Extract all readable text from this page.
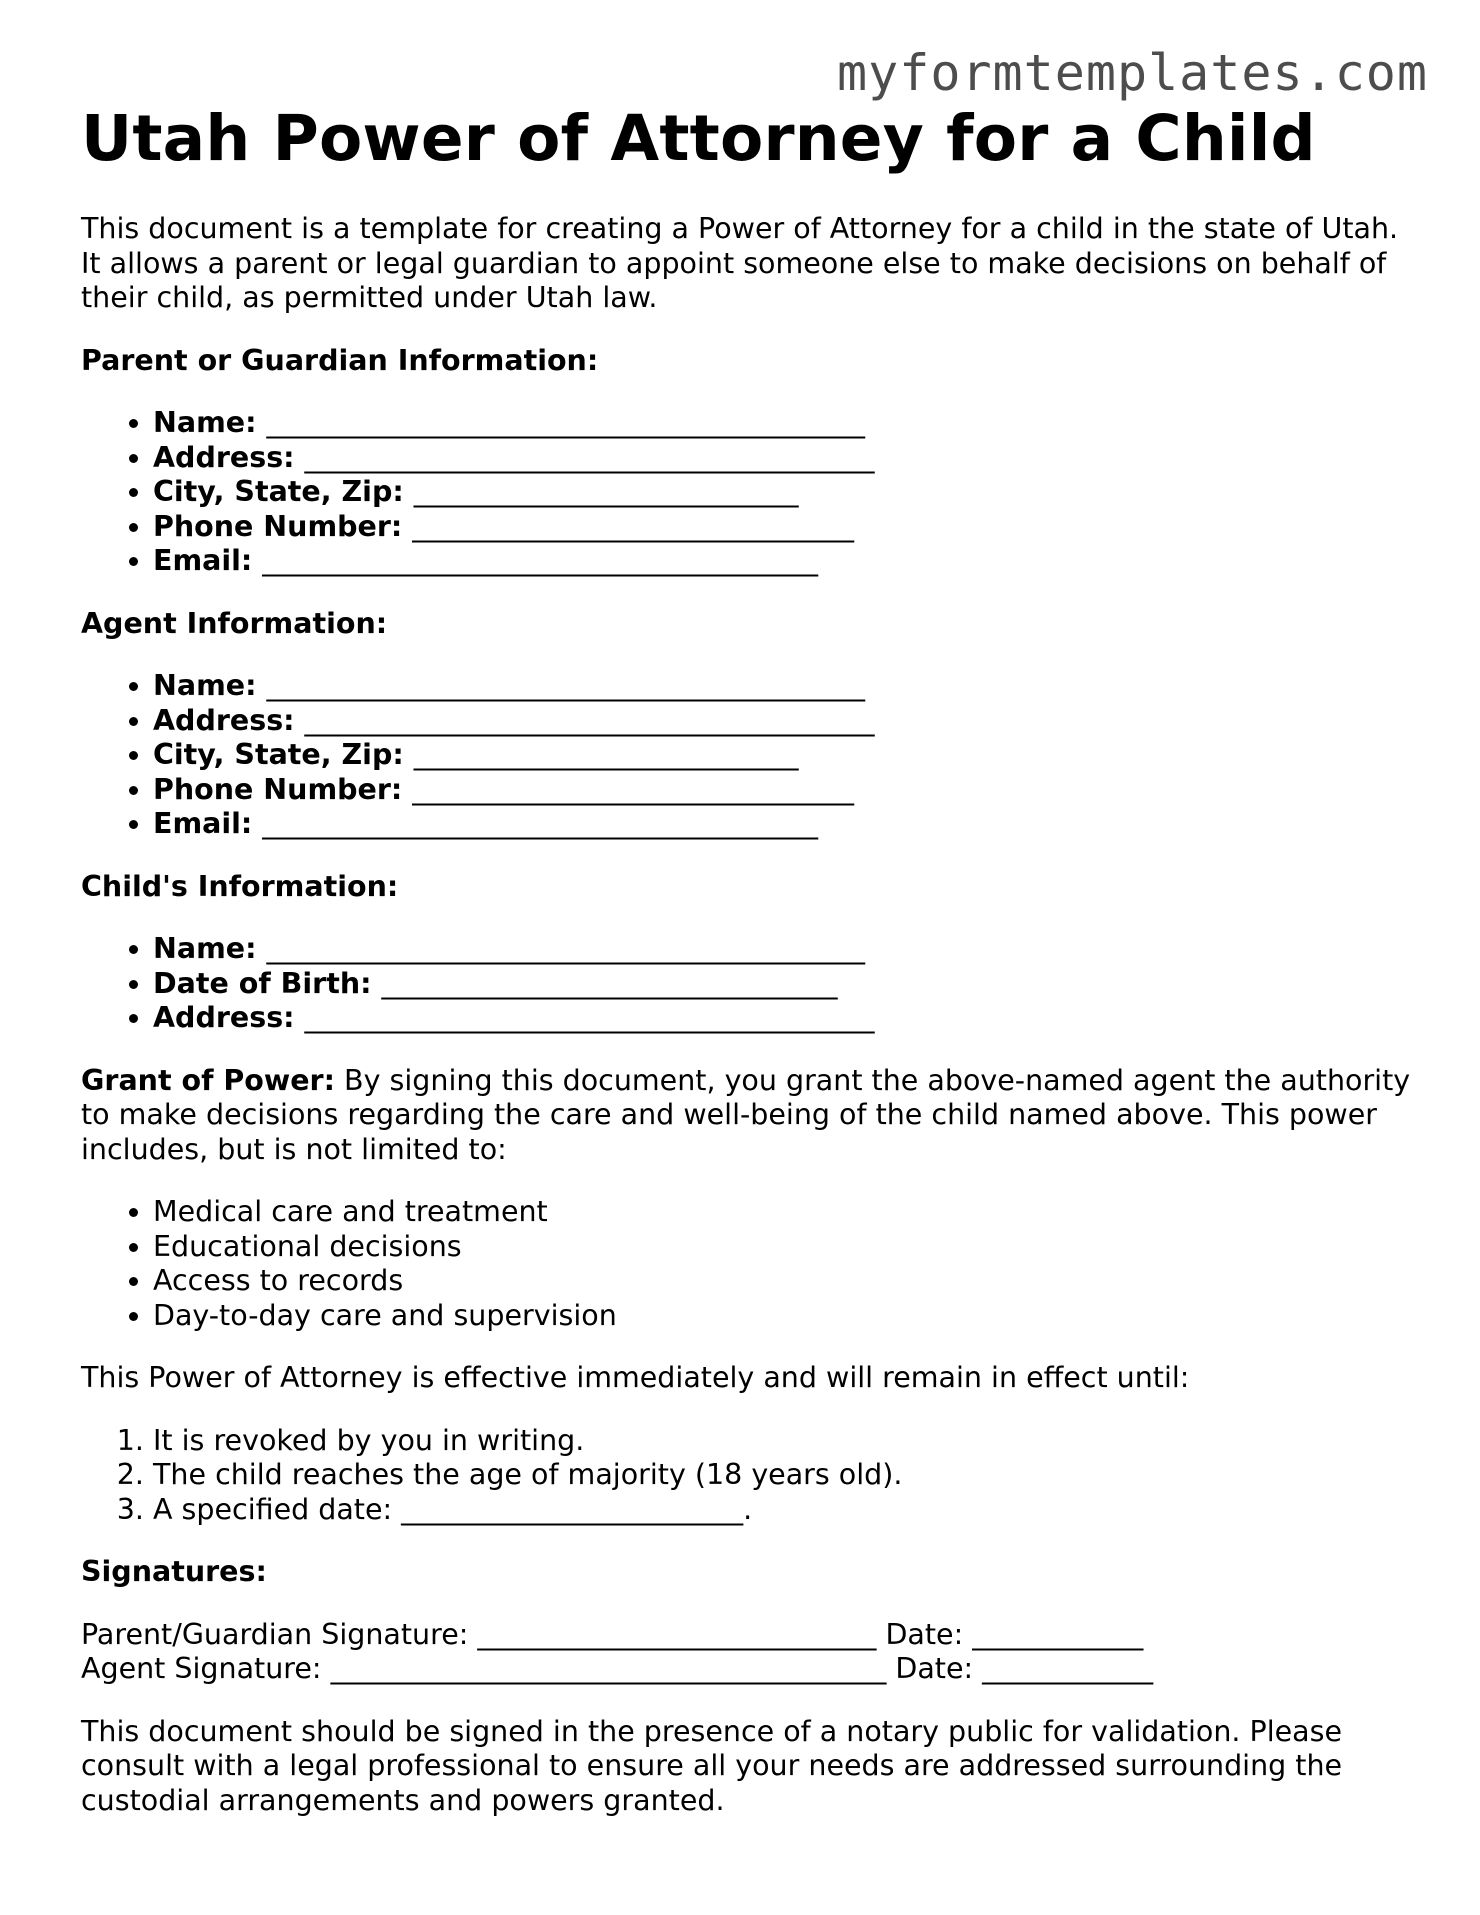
myformtemplates.com
Utah Power of Attorney for a Child

This document is a template for creating a Power of Attorney for a child in the state of Utah. It allows a parent or legal guardian to appoint someone else to make decisions on behalf of their child, as permitted under Utah law.

Parent or Guardian Information:

• Name: __________________________________________
• Address: ________________________________________
• City, State, Zip: ___________________________
• Phone Number: _______________________________
• Email: _______________________________________

Agent Information:

• Name: __________________________________________
• Address: ________________________________________
• City, State, Zip: ___________________________
• Phone Number: _______________________________
• Email: _______________________________________

Child's Information:

• Name: __________________________________________
• Date of Birth: ________________________________
• Address: ________________________________________

Grant of Power: By signing this document, you grant the above-named agent the authority to make decisions regarding the care and well-being of the child named above. This power includes, but is not limited to:

• Medical care and treatment
• Educational decisions
• Access to records
• Day-to-day care and supervision

This Power of Attorney is effective immediately and will remain in effect until:

1. It is revoked by you in writing.
2. The child reaches the age of majority (18 years old).
3. A specified date: ________________________.

Signatures:

Parent/Guardian Signature: ____________________________ Date: ____________

Agent Signature: _______________________________________ Date: ____________

This document should be signed in the presence of a notary public for validation. Please consult with a legal professional to ensure all your needs are addressed surrounding the custodial arrangements and powers granted.
